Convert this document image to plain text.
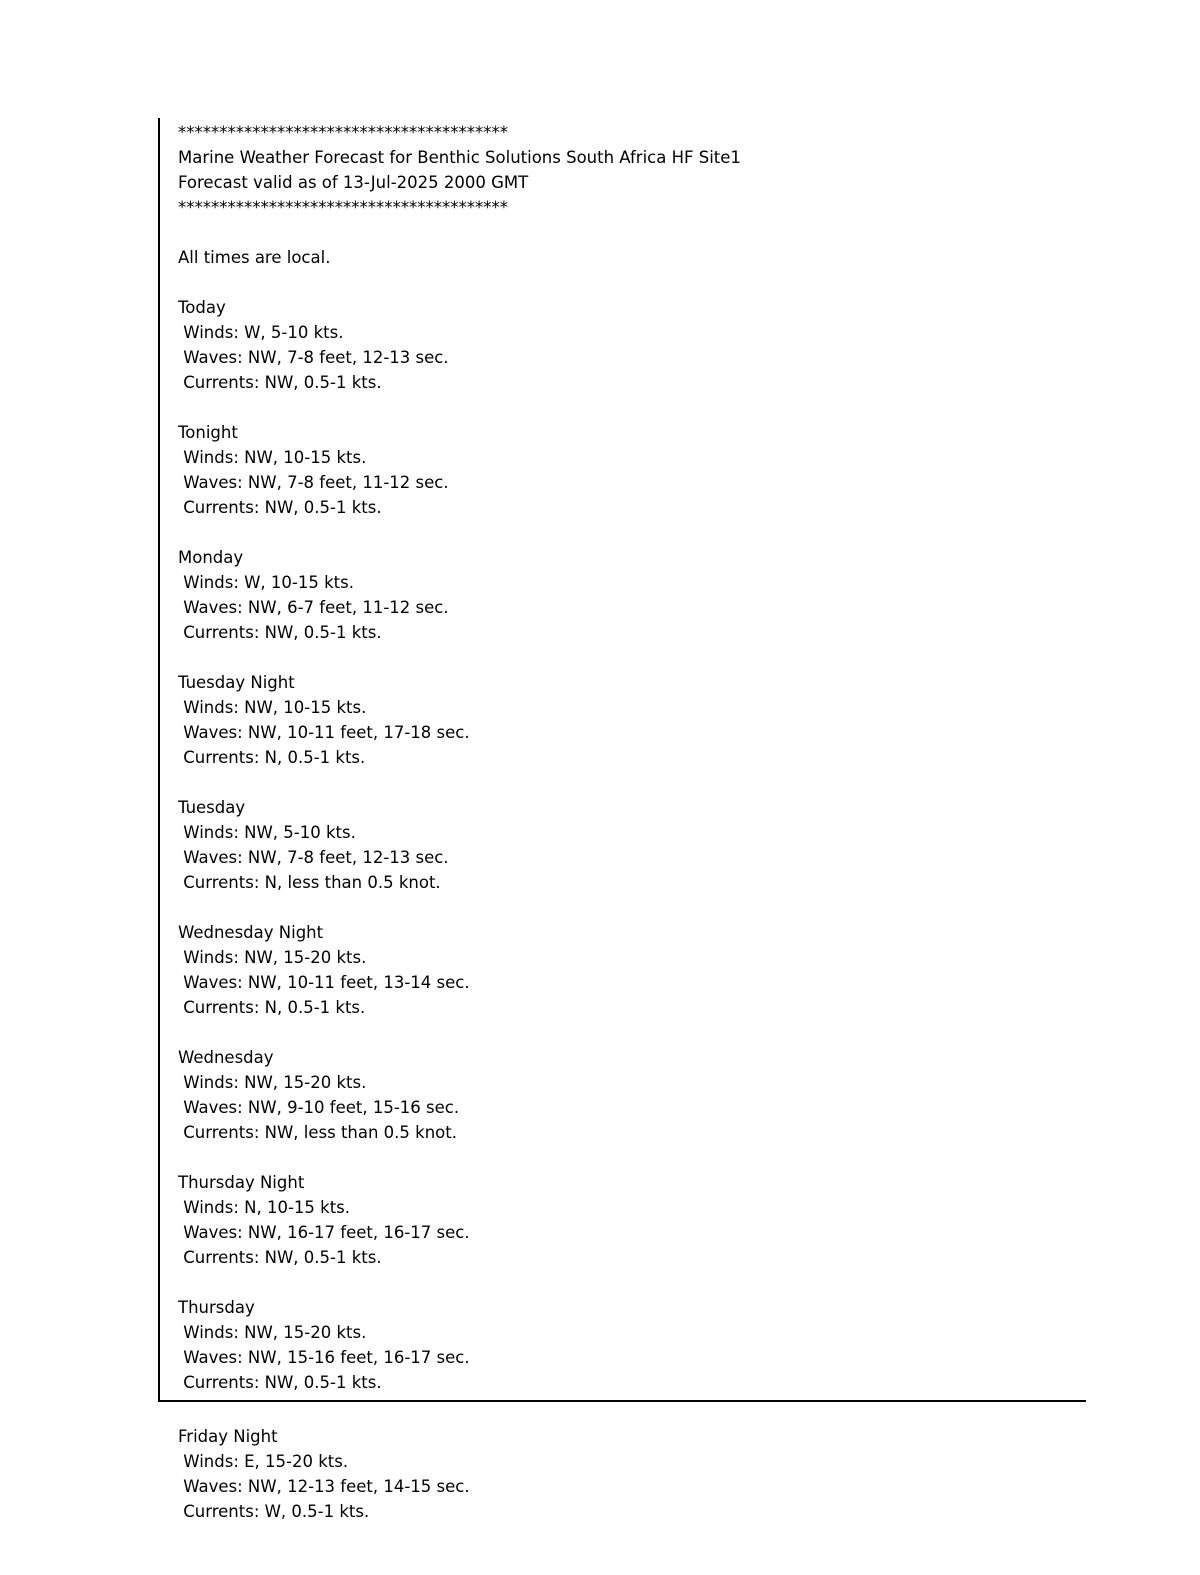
****************************************
Marine Weather Forecast for Benthic Solutions South Africa HF Site1
Forecast valid as of 13-Jul-2025 2000 GMT
****************************************
All times are local.
Today
Winds: W, 5-10 kts.
Waves: NW, 7-8 feet, 12-13 sec.
Currents: NW, 0.5-1 kts.
Tonight
Winds: NW, 10-15 kts.
Waves: NW, 7-8 feet, 11-12 sec.
Currents: NW, 0.5-1 kts.
Monday
Winds: W, 10-15 kts.
Waves: NW, 6-7 feet, 11-12 sec.
Currents: NW, 0.5-1 kts.
Tuesday Night
Winds: NW, 10-15 kts.
Waves: NW, 10-11 feet, 17-18 sec.
Currents: N, 0.5-1 kts.
Tuesday
Winds: NW, 5-10 kts.
Waves: NW, 7-8 feet, 12-13 sec.
Currents: N, less than 0.5 knot.
Wednesday Night
Winds: NW, 15-20 kts.
Waves: NW, 10-11 feet, 13-14 sec.
Currents: N, 0.5-1 kts.
Wednesday
Winds: NW, 15-20 kts.
Waves: NW, 9-10 feet, 15-16 sec.
Currents: NW, less than 0.5 knot.
Thursday Night
Winds: N, 10-15 kts.
Waves: NW, 16-17 feet, 16-17 sec.
Currents: NW, 0.5-1 kts.
Thursday
Winds: NW, 15-20 kts.
Waves: NW, 15-16 feet, 16-17 sec.
Currents: NW, 0.5-1 kts.
Friday Night
Winds: E, 15-20 kts.
Waves: NW, 12-13 feet, 14-15 sec.
Currents: W, 0.5-1 kts.
